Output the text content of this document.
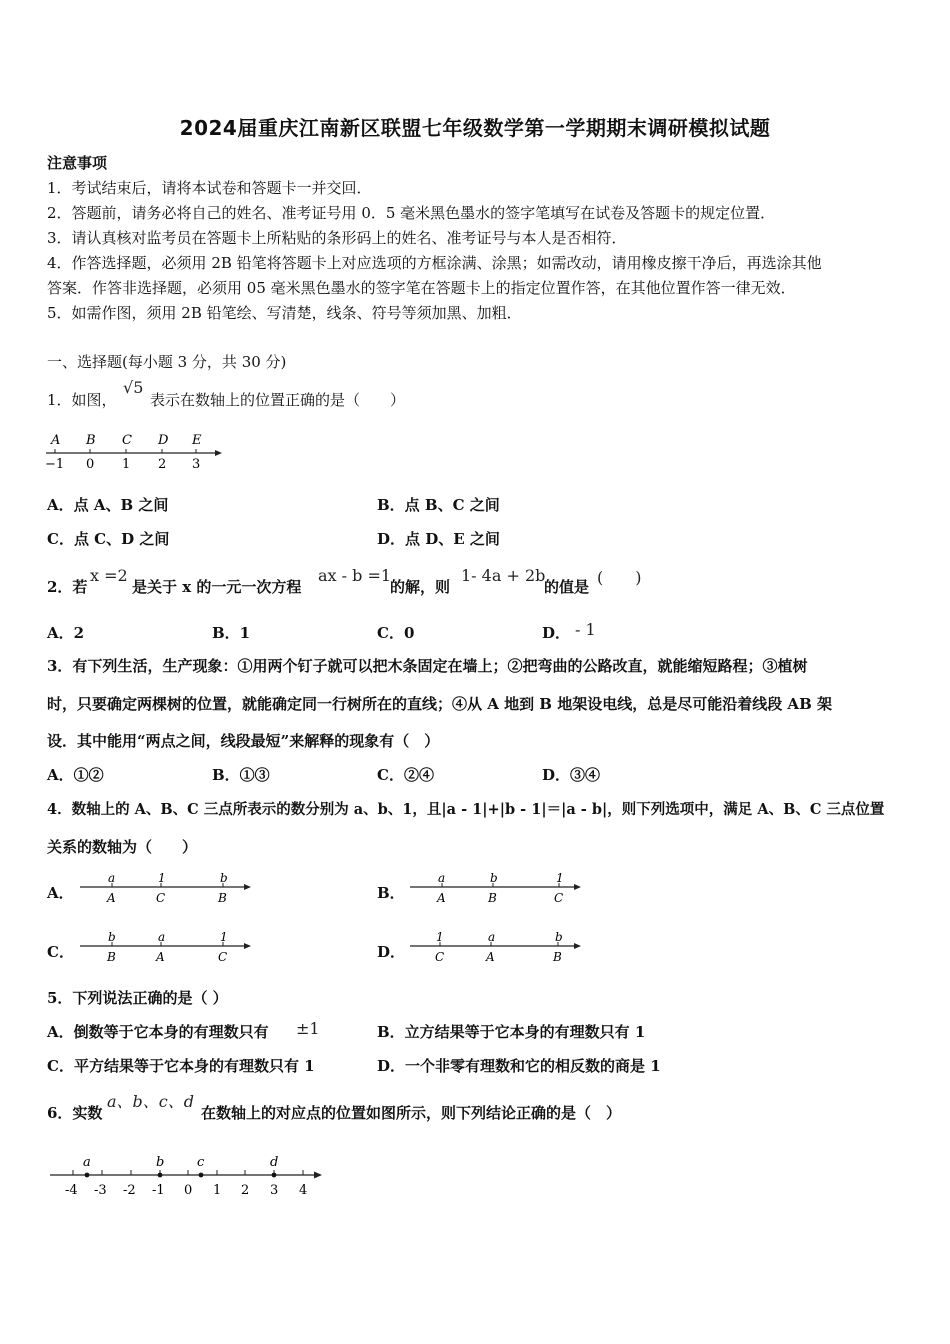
2024届重庆江南新区联盟七年级数学第一学期期末调研模拟试题
注意事项
1．考试结束后，请将本试卷和答题卡一并交回．
2．答题前，请务必将自己的姓名、准考证号用 0．5 毫米黑色墨水的签字笔填写在试卷及答题卡的规定位置．
3．请认真核对监考员在答题卡上所粘贴的条形码上的姓名、准考证号与本人是否相符．
4．作答选择题，必须用 2B 铅笔将答题卡上对应选项的方框涂满、涂黑；如需改动，请用橡皮擦干净后，再选涂其他
答案．作答非选择题，必须用 05 毫米黑色墨水的签字笔在答题卡上的指定位置作答，在其他位置作答一律无效．
5．如需作图，须用 2B 铅笔绘、写清楚，线条、符号等须加黑、加粗．
一、选择题(每小题 3 分，共 30 分)
1．如图，
√5
表示在数轴上的位置正确的是（　　）
A B C D E
−1 0 1 2 3
A．点 A、B 之间	B．点 B、C 之间
C．点 C、D 之间	D．点 D、E 之间
2．若
x =2
是关于 x 的一元一次方程
ax - b =1
的解，则
1- 4a + 2b
的值是 (　　)
A．2	B．1	C．0	D． - 1
3．有下列生活，生产现象：①用两个钉子就可以把木条固定在墙上；②把弯曲的公路改直，就能缩短路程；③植树
时，只要确定两棵树的位置，就能确定同一行树所在的直线；④从 A 地到 B 地架设电线，总是尽可能沿着线段 AB 架
设．其中能用“两点之间，线段最短”来解释的现象有（　）
A．①②	B．①③	C．②④	D．③④
4．数轴上的 A、B、C 三点所表示的数分别为 a、b、1，且|a - 1|+|b - 1|＝|a - b|，则下列选项中，满足 A、B、C 三点位置
关系的数轴为（　　）
A．
a	1	b
A	C	B	B．
a	b	1
A	B	C
C．
b	a	1
B	A	C	D．
1	a	b
C	A	B
5．下列说法正确的是（ ）
A．倒数等于它本身的有理数只有 ±1	B．立方结果等于它本身的有理数只有 1
C．平方结果等于它本身的有理数只有 1	D．一个非零有理数和它的相反数的商是 1
6．实数
a、b、c、d
在数轴上的对应点的位置如图所示，则下列结论正确的是（　）
a	b	c	d
-4 -3 -2 -1 0 1 2 3 4
